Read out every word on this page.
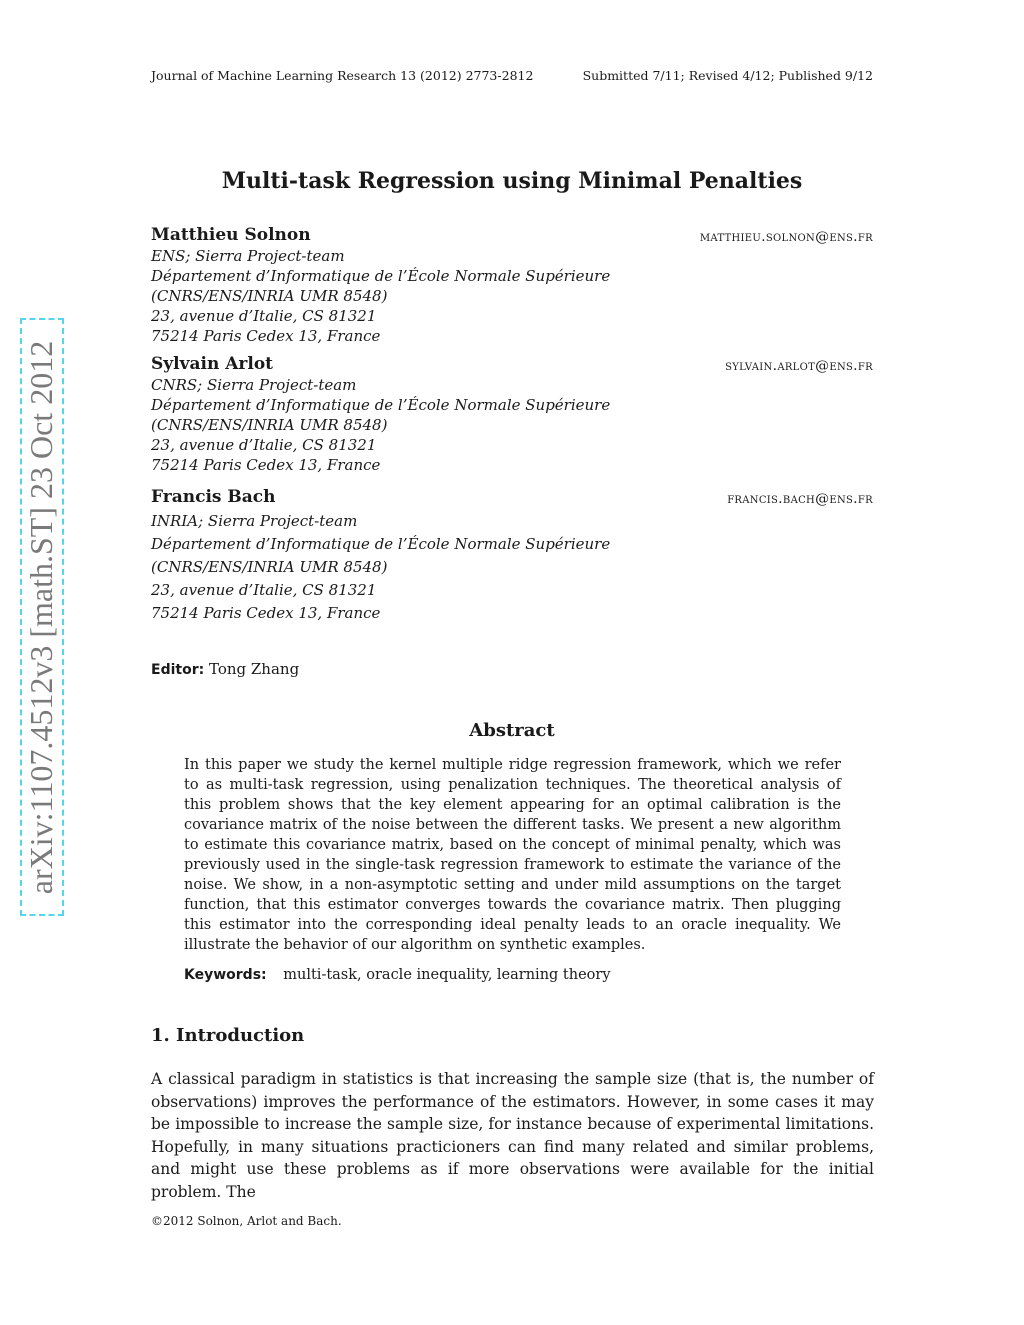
Journal of Machine Learning Research 13 (2012) 2773-2812	Submitted 7/11; Revised 4/12; Published 9/12
Multi-task Regression using Minimal Penalties
Matthieu Solnon	matthieu.solnon@ens.fr
ENS; Sierra Project-team
Département d’Informatique de l’École Normale Supérieure
(CNRS/ENS/INRIA UMR 8548)
23, avenue d’Italie, CS 81321
75214 Paris Cedex 13, France
Sylvain Arlot	sylvain.arlot@ens.fr
CNRS; Sierra Project-team
Département d’Informatique de l’École Normale Supérieure
(CNRS/ENS/INRIA UMR 8548)
23, avenue d’Italie, CS 81321
75214 Paris Cedex 13, France
Francis Bach	francis.bach@ens.fr
INRIA; Sierra Project-team
Département d’Informatique de l’École Normale Supérieure
(CNRS/ENS/INRIA UMR 8548)
23, avenue d’Italie, CS 81321
75214 Paris Cedex 13, France
arXiv:1107.4512v3 [math.ST] 23 Oct 2012	Editor: Tong Zhang
Abstract
In this paper we study the kernel multiple ridge regression framework, which we refer to as multi-task regression, using penalization techniques. The theoretical analysis of this problem shows that the key element appearing for an optimal calibration is the covariance matrix of the noise between the different tasks. We present a new algorithm to estimate this covariance matrix, based on the concept of minimal penalty, which was previously used in the single-task regression framework to estimate the variance of the noise. We show, in a non-asymptotic setting and under mild assumptions on the target function, that this estimator converges towards the covariance matrix. Then plugging this estimator into the corresponding ideal penalty leads to an oracle inequality. We illustrate the behavior of our algorithm on synthetic examples.
Keywords: multi-task, oracle inequality, learning theory
1. Introduction
A classical paradigm in statistics is that increasing the sample size (that is, the number of observations) improves the performance of the estimators. However, in some cases it may be impossible to increase the sample size, for instance because of experimental limitations. Hopefully, in many situations practicioners can find many related and similar problems, and might use these problems as if more observations were available for the initial problem. The
©2012 Solnon, Arlot and Bach.
